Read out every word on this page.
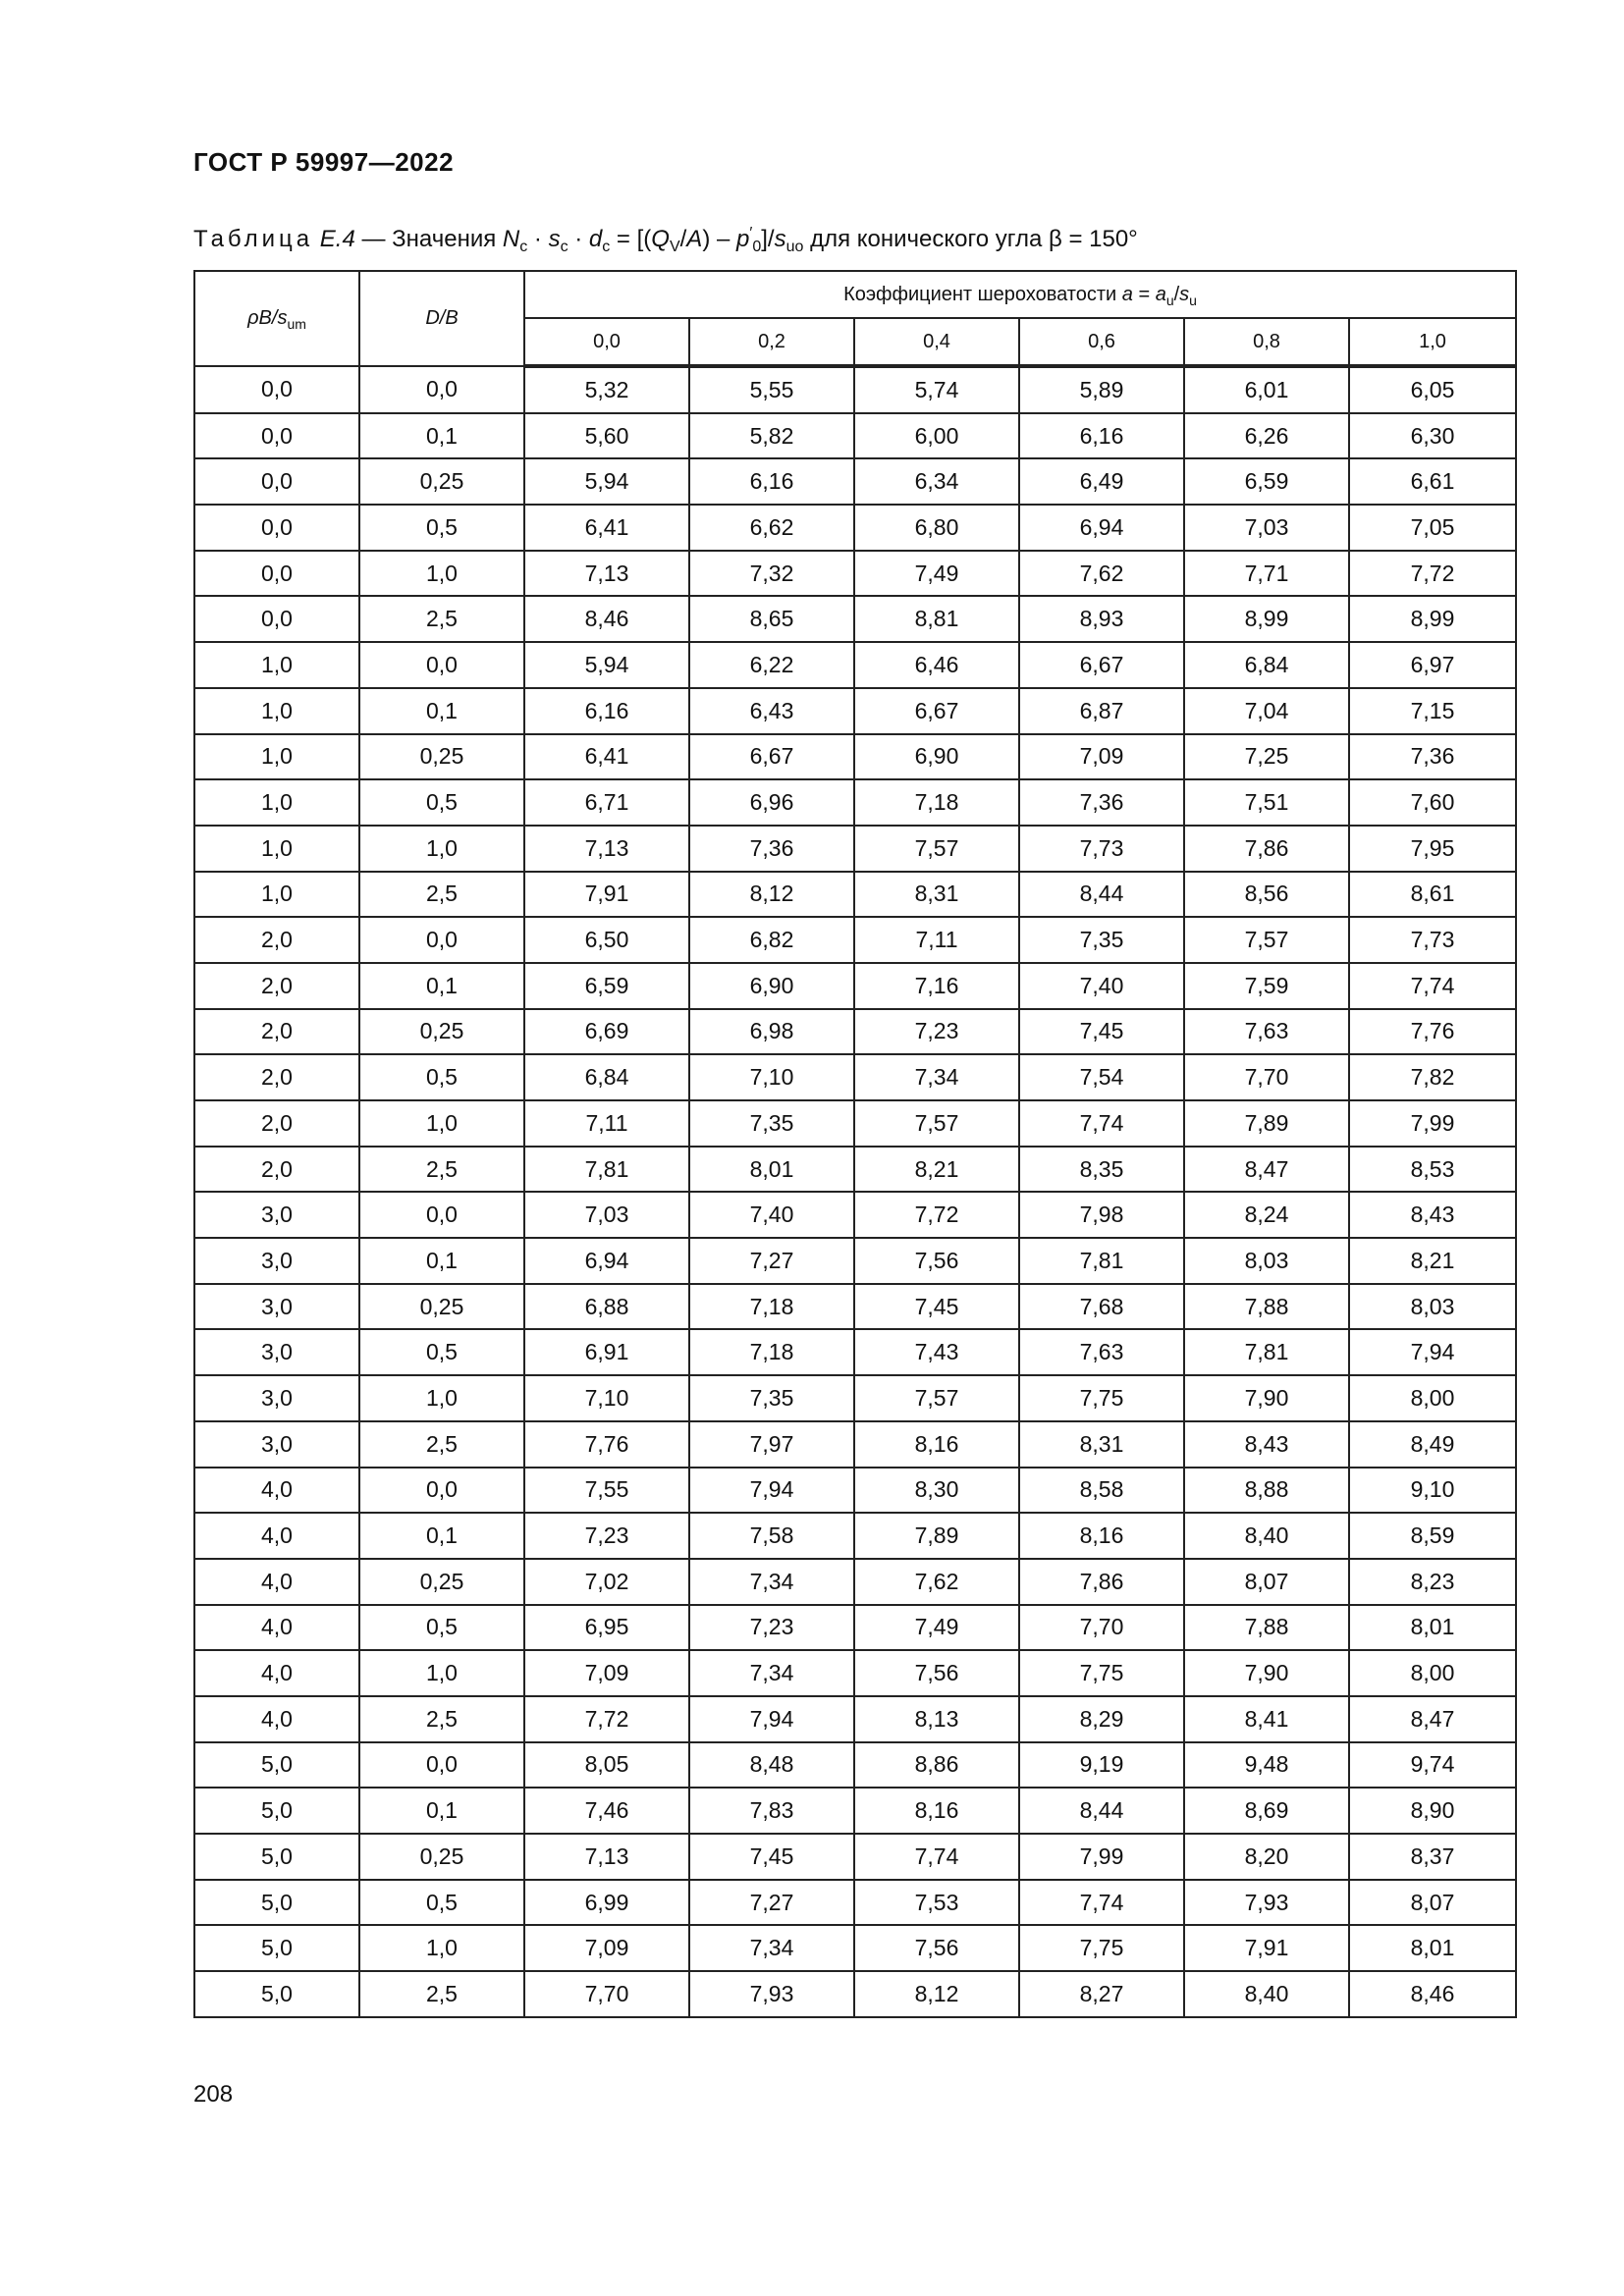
ГОСТ Р 59997—2022
Таблица E.4 — Значения $N_c \cdot s_c \cdot d_c = [(Q_V/A) - p'_0]/s_{uo}$ для конического угла β = 150°
$\rho B/s_{um}$	D/B	Коэффициент шероховатости $a = a_u/s_u$
		0,0	0,2	0,4	0,6	0,8	1,0
0,0	0,0	5,32	5,55	5,74	5,89	6,01	6,05
0,0	0,1	5,60	5,82	6,00	6,16	6,26	6,30
0,0	0,25	5,94	6,16	6,34	6,49	6,59	6,61
0,0	0,5	6,41	6,62	6,80	6,94	7,03	7,05
0,0	1,0	7,13	7,32	7,49	7,62	7,71	7,72
0,0	2,5	8,46	8,65	8,81	8,93	8,99	8,99
1,0	0,0	5,94	6,22	6,46	6,67	6,84	6,97
1,0	0,1	6,16	6,43	6,67	6,87	7,04	7,15
1,0	0,25	6,41	6,67	6,90	7,09	7,25	7,36
1,0	0,5	6,71	6,96	7,18	7,36	7,51	7,60
1,0	1,0	7,13	7,36	7,57	7,73	7,86	7,95
1,0	2,5	7,91	8,12	8,31	8,44	8,56	8,61
2,0	0,0	6,50	6,82	7,11	7,35	7,57	7,73
2,0	0,1	6,59	6,90	7,16	7,40	7,59	7,74
2,0	0,25	6,69	6,98	7,23	7,45	7,63	7,76
2,0	0,5	6,84	7,10	7,34	7,54	7,70	7,82
2,0	1,0	7,11	7,35	7,57	7,74	7,89	7,99
2,0	2,5	7,81	8,01	8,21	8,35	8,47	8,53
3,0	0,0	7,03	7,40	7,72	7,98	8,24	8,43
3,0	0,1	6,94	7,27	7,56	7,81	8,03	8,21
3,0	0,25	6,88	7,18	7,45	7,68	7,88	8,03
3,0	0,5	6,91	7,18	7,43	7,63	7,81	7,94
3,0	1,0	7,10	7,35	7,57	7,75	7,90	8,00
3,0	2,5	7,76	7,97	8,16	8,31	8,43	8,49
4,0	0,0	7,55	7,94	8,30	8,58	8,88	9,10
4,0	0,1	7,23	7,58	7,89	8,16	8,40	8,59
4,0	0,25	7,02	7,34	7,62	7,86	8,07	8,23
4,0	0,5	6,95	7,23	7,49	7,70	7,88	8,01
4,0	1,0	7,09	7,34	7,56	7,75	7,90	8,00
4,0	2,5	7,72	7,94	8,13	8,29	8,41	8,47
5,0	0,0	8,05	8,48	8,86	9,19	9,48	9,74
5,0	0,1	7,46	7,83	8,16	8,44	8,69	8,90
5,0	0,25	7,13	7,45	7,74	7,99	8,20	8,37
5,0	0,5	6,99	7,27	7,53	7,74	7,93	8,07
5,0	1,0	7,09	7,34	7,56	7,75	7,91	8,01
5,0	2,5	7,70	7,93	8,12	8,27	8,40	8,46
208
